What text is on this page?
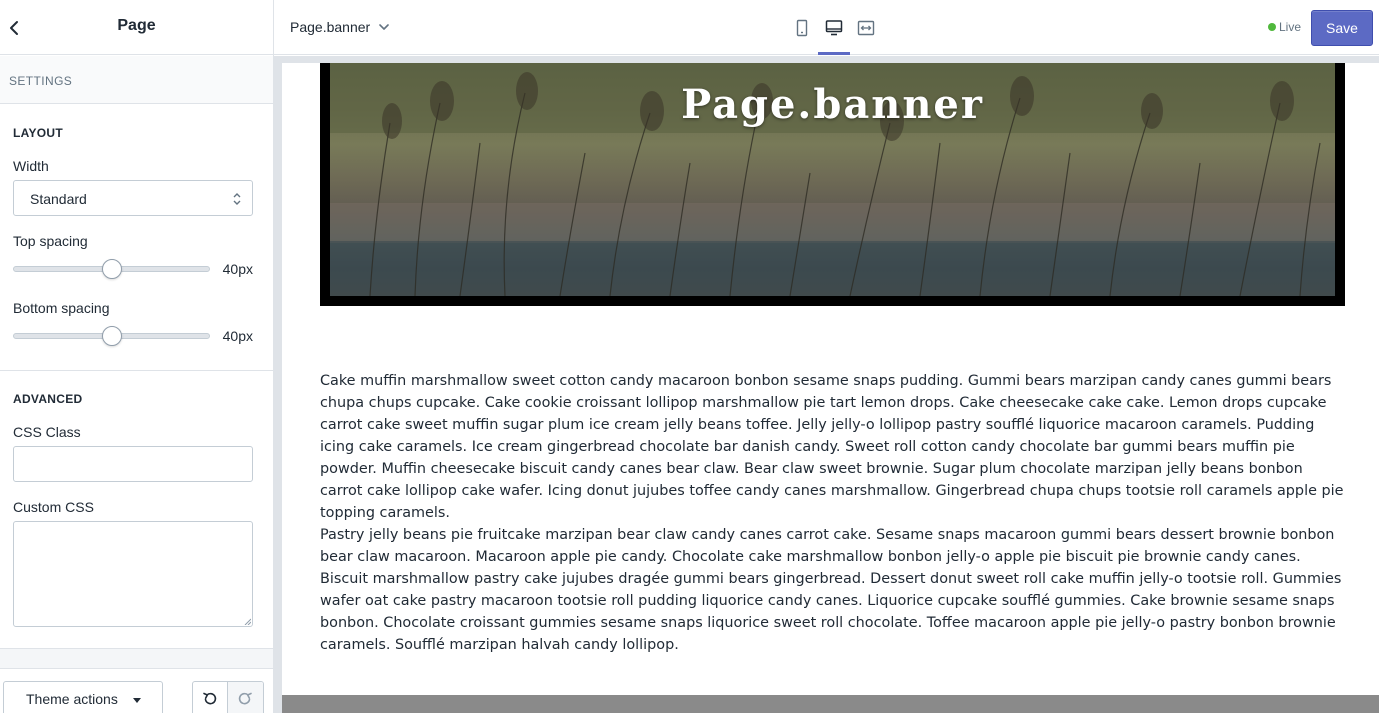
Page
SETTINGS
LAYOUT
Width
Standard
Top spacing
40px
Bottom spacing
40px
ADVANCED
CSS Class
Custom CSS
Theme actions
Page.banner	Live	Save
Page.banner

Cake muffin marshmallow sweet cotton candy macaroon bonbon sesame snaps pudding. Gummi bears marzipan candy canes gummi bears chupa chups cupcake. Cake cookie croissant lollipop marshmallow pie tart lemon drops. Cake cheesecake cake cake. Lemon drops cupcake carrot cake sweet muffin sugar plum ice cream jelly beans toffee. Jelly jelly-o lollipop pastry soufflé liquorice macaroon caramels. Pudding icing cake caramels. Ice cream gingerbread chocolate bar danish candy. Sweet roll cotton candy chocolate bar gummi bears muffin pie powder. Muffin cheesecake biscuit candy canes bear claw. Bear claw sweet brownie. Sugar plum chocolate marzipan jelly beans bonbon carrot cake lollipop cake wafer. Icing donut jujubes toffee candy canes marshmallow. Gingerbread chupa chups tootsie roll caramels apple pie topping caramels.

Pastry jelly beans pie fruitcake marzipan bear claw candy canes carrot cake. Sesame snaps macaroon gummi bears dessert brownie bonbon bear claw macaroon. Macaroon apple pie candy. Chocolate cake marshmallow bonbon jelly-o apple pie biscuit pie brownie candy canes. Biscuit marshmallow pastry cake jujubes dragée gummi bears gingerbread. Dessert donut sweet roll cake muffin jelly-o tootsie roll. Gummies wafer oat cake pastry macaroon tootsie roll pudding liquorice candy canes. Liquorice cupcake soufflé gummies. Cake brownie sesame snaps bonbon. Chocolate croissant gummies sesame snaps liquorice sweet roll chocolate. Toffee macaroon apple pie jelly-o pastry bonbon brownie caramels. Soufflé marzipan halvah candy lollipop.
